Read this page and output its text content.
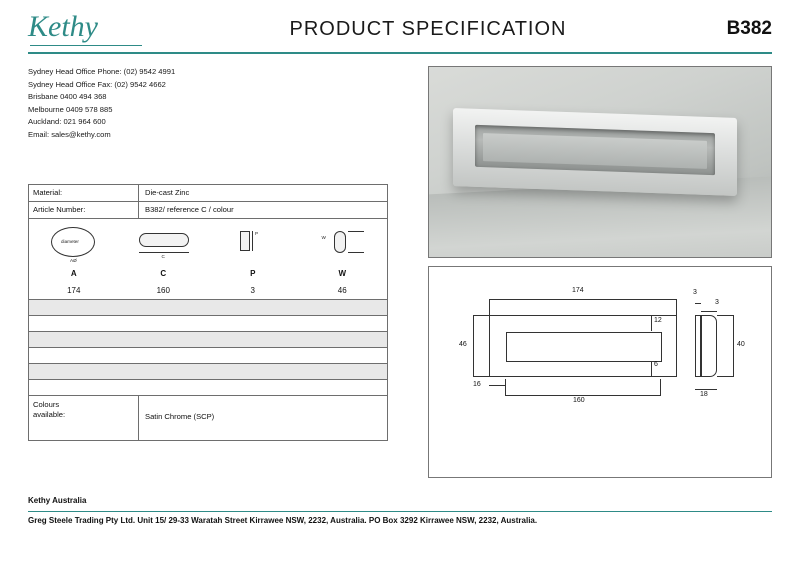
Kethy	PRODUCT SPECIFICATION	B382
Sydney Head Office Phone: (02) 9542 4991
Sydney Head Office Fax: (02) 9542 4662
Brisbane 0400 494 368
Melbourne 0409 578 885
Auckland: 021 964 600
Email: sales@kethy.com
Material:	Die-cast Zinc
Article Number:	B382/ reference C / colour
diameter
AØ
C
P
W
A	C	P	W
174	160	3	46
Colours
available:	Satin Chrome (SCP)
174
46
12
6
160
16
3
3
40
18
Kethy Australia
Greg Steele Trading Pty Ltd. Unit 15/ 29-33 Waratah Street Kirrawee NSW, 2232, Australia. PO Box 3292 Kirrawee NSW, 2232, Australia.
